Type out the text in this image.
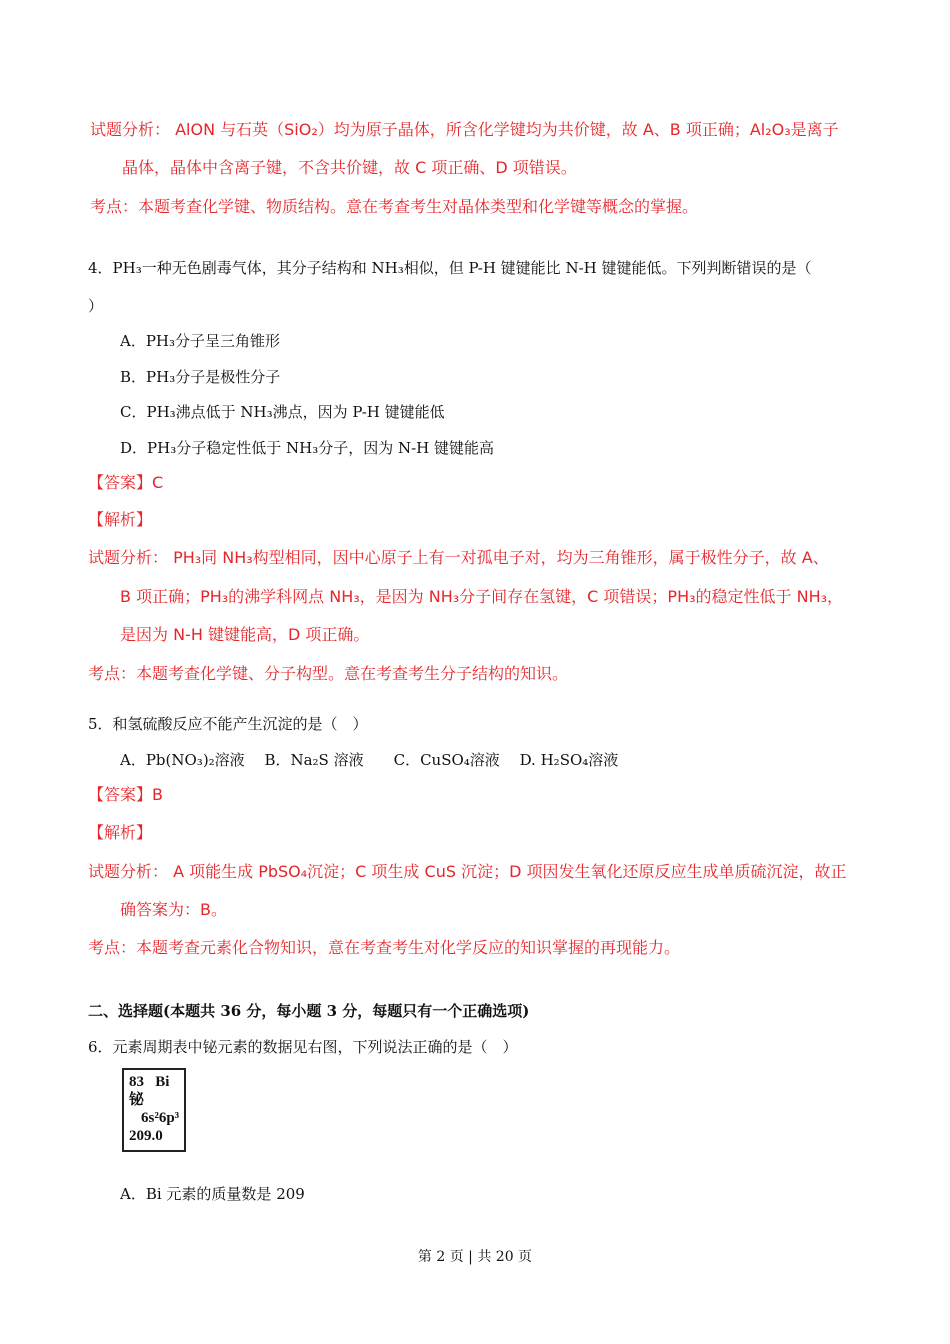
试题分析： AlON 与石英（SiO₂）均为原子晶体，所含化学键均为共价键，故 A、B 项正确；Al₂O₃是离子
晶体，晶体中含离子键，不含共价键，故 C 项正确、D 项错误。
考点：本题考查化学键、物质结构。意在考查考生对晶体类型和化学键等概念的掌握。
4．PH₃一种无色剧毒气体，其分子结构和 NH₃相似，但 P-H 键键能比 N-H 键键能低。下列判断错误的是（
）
A．PH₃分子呈三角锥形
B．PH₃分子是极性分子
C．PH₃沸点低于 NH₃沸点，因为 P-H 键键能低
D．PH₃分子稳定性低于 NH₃分子，因为 N-H 键键能高
【答案】C
【解析】
试题分析： PH₃同 NH₃构型相同，因中心原子上有一对孤电子对，均为三角锥形，属于极性分子，故 A、
B 项正确；PH₃的沸学科网点 NH₃，是因为 NH₃分子间存在氢键，C 项错误；PH₃的稳定性低于 NH₃，
是因为 N-H 键键能高，D 项正确。
考点：本题考查化学键、分子构型。意在考查考生分子结构的知识。
5．和氢硫酸反应不能产生沉淀的是（　）
A．Pb(NO₃)₂溶液　 B．Na₂S 溶液　　C．CuSO₄溶液　 D. H₂SO₄溶液
【答案】B
【解析】
试题分析： A 项能生成 PbSO₄沉淀；C 项生成 CuS 沉淀；D 项因发生氧化还原反应生成单质硫沉淀，故正
确答案为：B。
考点：本题考查元素化合物知识，意在考查考生对化学反应的知识掌握的再现能力。
二、选择题(本题共 36 分，每小题 3 分，每题只有一个正确选项)
6．元素周期表中铋元素的数据见右图，下列说法正确的是（　）
83 Bi
铋
6s²6p³
209.0
A．Bi 元素的质量数是 209
第 2 页 | 共 20 页
